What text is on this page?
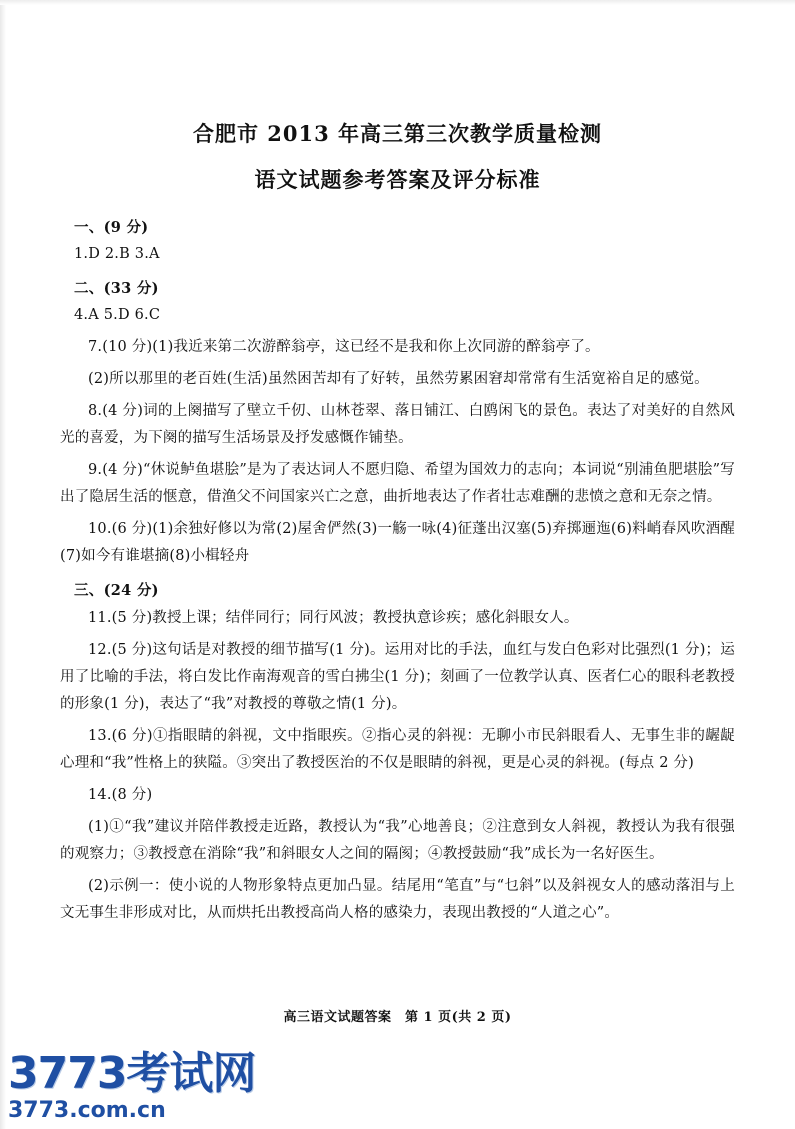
合肥市 2013 年高三第三次教学质量检测
语文试题参考答案及评分标准
一、(9 分)
1.D 2.B 3.A
二、(33 分)
4.A 5.D 6.C
7.(10 分)(1)我近来第二次游醉翁亭，这已经不是我和你上次同游的醉翁亭了。
(2)所以那里的老百姓(生活)虽然困苦却有了好转，虽然劳累困窘却常常有生活宽裕自足的感觉。
8.(4 分)词的上阕描写了壁立千仞、山林苍翠、落日铺江、白鸥闲飞的景色。表达了对美好的自然风光的喜爱，为下阕的描写生活场景及抒发感慨作铺垫。
9.(4 分)“休说鲈鱼堪脍”是为了表达词人不愿归隐、希望为国效力的志向；本词说“别浦鱼肥堪脍”写出了隐居生活的惬意，借渔父不问国家兴亡之意，曲折地表达了作者壮志难酬的悲愤之意和无奈之情。
10.(6 分)(1)余独好修以为常(2)屋舍俨然(3)一觞一咏(4)征蓬出汉塞(5)弃掷逦迤(6)料峭春风吹酒醒(7)如今有谁堪摘(8)小楫轻舟
三、(24 分)
11.(5 分)教授上课；结伴同行；同行风波；教授执意诊疾；感化斜眼女人。
12.(5 分)这句话是对教授的细节描写(1 分)。运用对比的手法，血红与发白色彩对比强烈(1 分)；运用了比喻的手法，将白发比作南海观音的雪白拂尘(1 分)；刻画了一位教学认真、医者仁心的眼科老教授的形象(1 分)，表达了“我”对教授的尊敬之情(1 分)。
13.(6 分)①指眼睛的斜视，文中指眼疾。②指心灵的斜视：无聊小市民斜眼看人、无事生非的龌龊心理和“我”性格上的狭隘。③突出了教授医治的不仅是眼睛的斜视，更是心灵的斜视。(每点 2 分)
14.(8 分)
(1)①“我”建议并陪伴教授走近路，教授认为“我”心地善良；②注意到女人斜视，教授认为我有很强的观察力；③教授意在消除“我”和斜眼女人之间的隔阂；④教授鼓励“我”成长为一名好医生。
(2)示例一：使小说的人物形象特点更加凸显。结尾用“笔直”与“乜斜”以及斜视女人的感动落泪与上文无事生非形成对比，从而烘托出教授高尚人格的感染力，表现出教授的“人道之心”。
高三语文试题答案　第 1 页(共 2 页)
3773考试网
3773.com.cn
